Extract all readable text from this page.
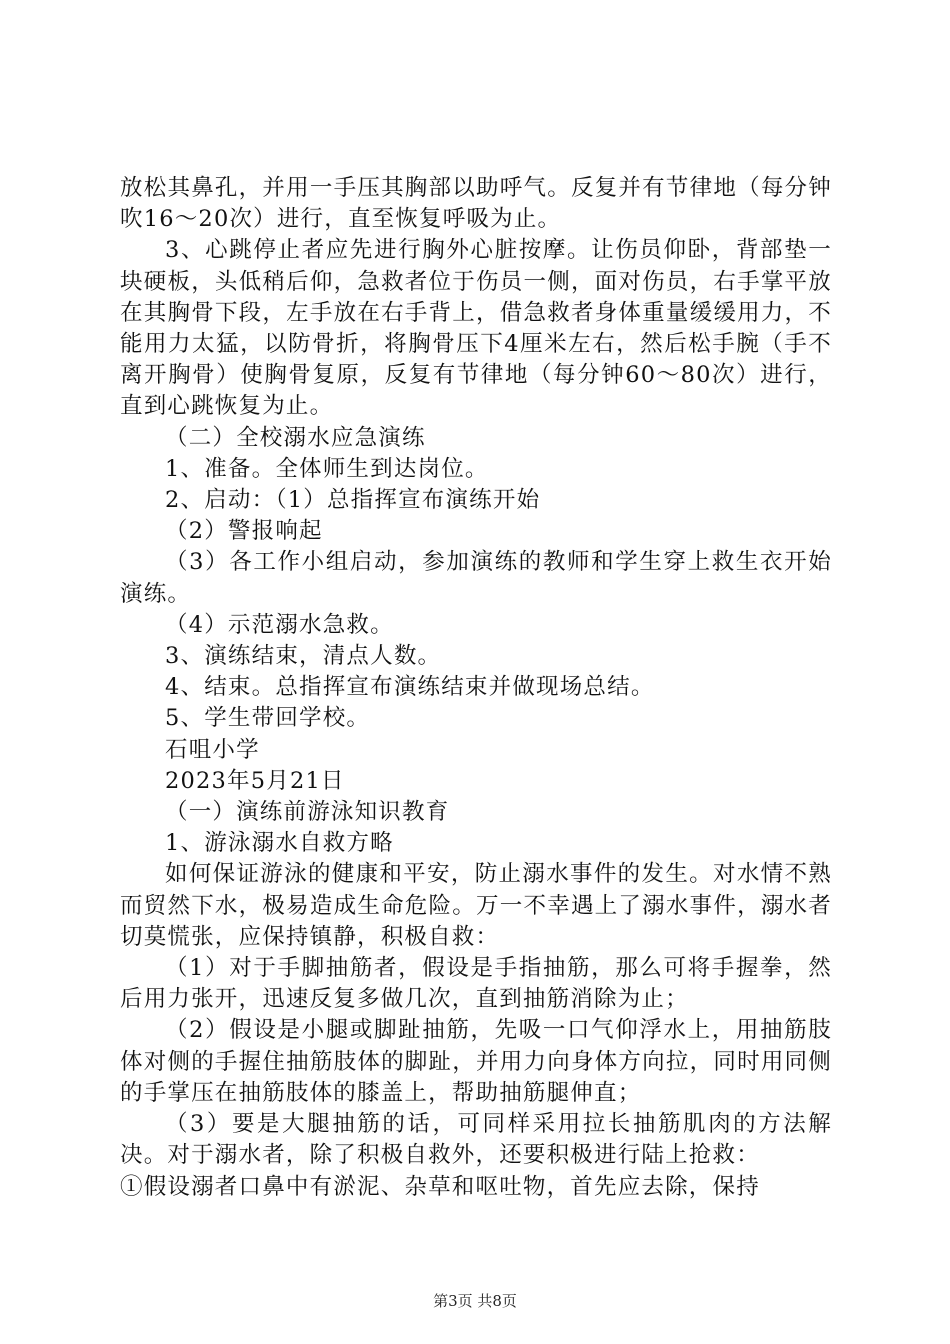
放松其鼻孔，并用一手压其胸部以助呼气。反复并有节律地（每分钟吹16～20次）进行，直至恢复呼吸为止。

3、心跳停止者应先进行胸外心脏按摩。让伤员仰卧，背部垫一块硬板，头低稍后仰，急救者位于伤员一侧，面对伤员，右手掌平放在其胸骨下段，左手放在右手背上，借急救者身体重量缓缓用力，不能用力太猛，以防骨折，将胸骨压下4厘米左右，然后松手腕（手不离开胸骨）使胸骨复原，反复有节律地（每分钟60～80次）进行，直到心跳恢复为止。

（二）全校溺水应急演练

1、准备。全体师生到达岗位。

2、启动：（1）总指挥宣布演练开始

（2）警报响起

（3）各工作小组启动，参加演练的教师和学生穿上救生衣开始演练。

（4）示范溺水急救。

3、演练结束，清点人数。

4、结束。总指挥宣布演练结束并做现场总结。

5、学生带回学校。

石咀小学

2023年5月21日

（一）演练前游泳知识教育

1、游泳溺水自救方略

如何保证游泳的健康和平安，防止溺水事件的发生。对水情不熟而贸然下水，极易造成生命危险。万一不幸遇上了溺水事件，溺水者切莫慌张，应保持镇静，积极自救：

（1）对于手脚抽筋者，假设是手指抽筋，那么可将手握拳，然后用力张开，迅速反复多做几次，直到抽筋消除为止；

（2）假设是小腿或脚趾抽筋，先吸一口气仰浮水上，用抽筋肢体对侧的手握住抽筋肢体的脚趾，并用力向身体方向拉，同时用同侧的手掌压在抽筋肢体的膝盖上，帮助抽筋腿伸直；

（3）要是大腿抽筋的话，可同样采用拉长抽筋肌肉的方法解决。对于溺水者，除了积极自救外，还要积极进行陆上抢救：

①假设溺者口鼻中有淤泥、杂草和呕吐物，首先应去除，保持

第3页 共8页
